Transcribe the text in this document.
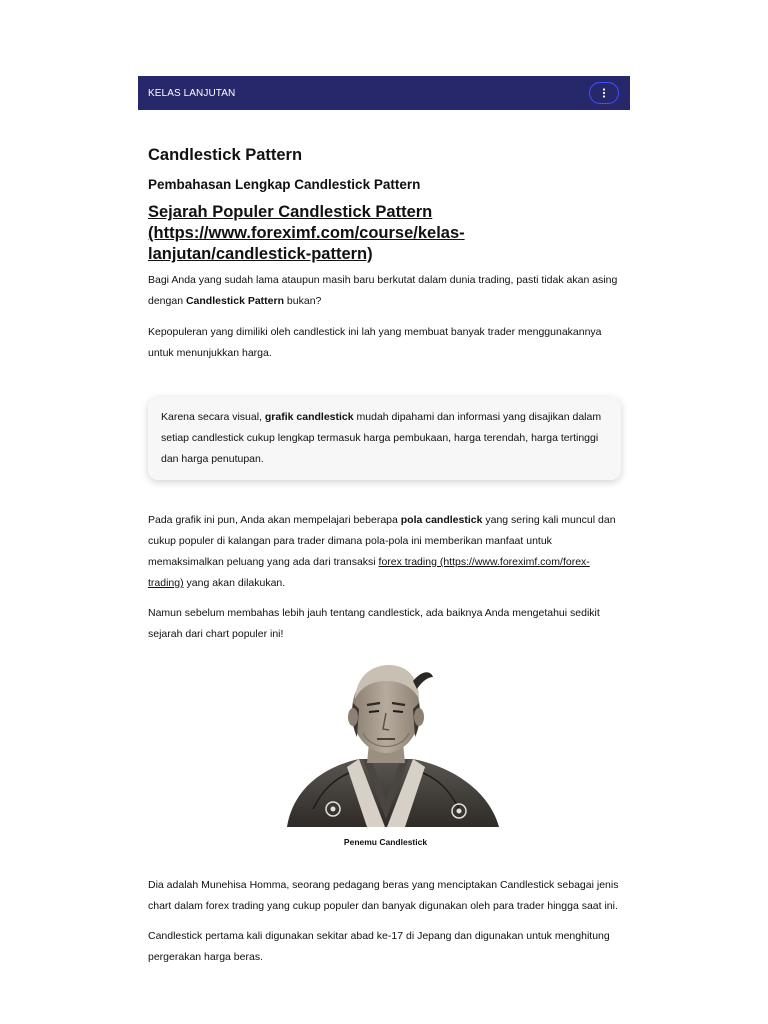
KELAS LANJUTAN
Candlestick Pattern
Pembahasan Lengkap Candlestick Pattern
Sejarah Populer Candlestick Pattern (https://www.foreximf.com/course/kelas-lanjutan/candlestick-pattern)

Bagi Anda yang sudah lama ataupun masih baru berkutat dalam dunia trading, pasti tidak akan asing dengan Candlestick Pattern bukan?

Kepopuleran yang dimiliki oleh candlestick ini lah yang membuat banyak trader menggunakannya untuk menunjukkan harga.

Karena secara visual, grafik candlestick mudah dipahami dan informasi yang disajikan dalam setiap candlestick cukup lengkap termasuk harga pembukaan, harga terendah, harga tertinggi dan harga penutupan.

Pada grafik ini pun, Anda akan mempelajari beberapa pola candlestick yang sering kali muncul dan cukup populer di kalangan para trader dimana pola-pola ini memberikan manfaat untuk memaksimalkan peluang yang ada dari transaksi forex trading (https://www.foreximf.com/forex-trading) yang akan dilakukan.

Namun sebelum membahas lebih jauh tentang candlestick, ada baiknya Anda mengetahui sedikit sejarah dari chart populer ini!

Penemu Candlestick

Dia adalah Munehisa Homma, seorang pedagang beras yang menciptakan Candlestick sebagai jenis chart dalam forex trading yang cukup populer dan banyak digunakan oleh para trader hingga saat ini.

Candlestick pertama kali digunakan sekitar abad ke-17 di Jepang dan digunakan untuk menghitung pergerakan harga beras.
